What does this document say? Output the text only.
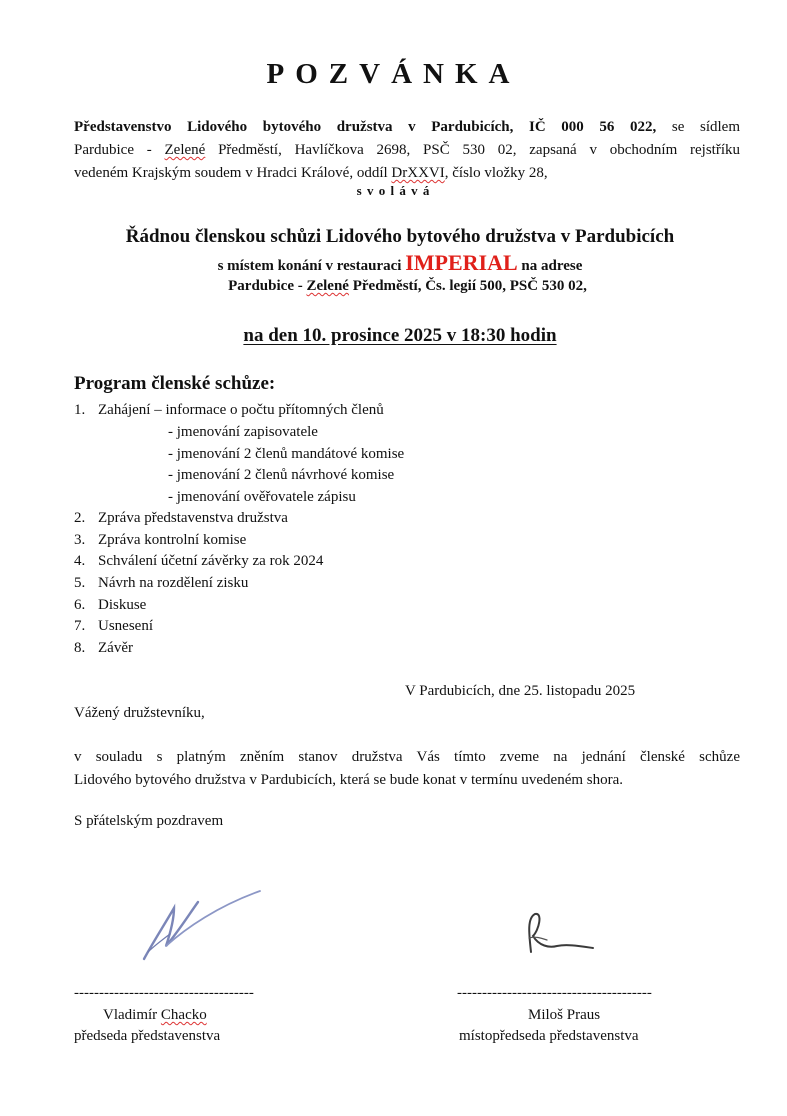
POZVÁNKA
Představenstvo Lidového bytového družstva v Pardubicích, IČ 000 56 022, se sídlem
Pardubice - Zelené Předměstí, Havlíčkova 2698, PSČ 530 02, zapsaná v obchodním rejstříku
vedeném Krajským soudem v Hradci Králové, oddíl DrXXVI, číslo vložky 28,
s v o l á v á
Řádnou členskou schůzi Lidového bytového družstva v Pardubicích
s místem konání v restauraci IMPERIAL na adrese
Pardubice - Zelené Předměstí, Čs. legií 500, PSČ 530 02,
na den 10. prosince 2025 v 18:30 hodin
Program členské schůze:
1. Zahájení – informace o počtu přítomných členů
- jmenování zapisovatele
- jmenování 2 členů mandátové komise
- jmenování 2 členů návrhové komise
- jmenování ověřovatele zápisu
2. Zpráva představenstva družstva
3. Zpráva kontrolní komise
4. Schválení účetní závěrky za rok 2024
5. Návrh na rozdělení zisku
6. Diskuse
7. Usnesení
8. Závěr
V Pardubicích, dne 25. listopadu 2025
Vážený družstevníku,
v souladu s platným zněním stanov družstva Vás tímto zveme na jednání členské schůze
Lidového bytového družstva v Pardubicích, která se bude konat v termínu uvedeném shora.
S přátelským pozdravem
------------------------------------
Vladimír Chacko
předseda představenstva
---------------------------------------
Miloš Praus
místopředseda představenstva
